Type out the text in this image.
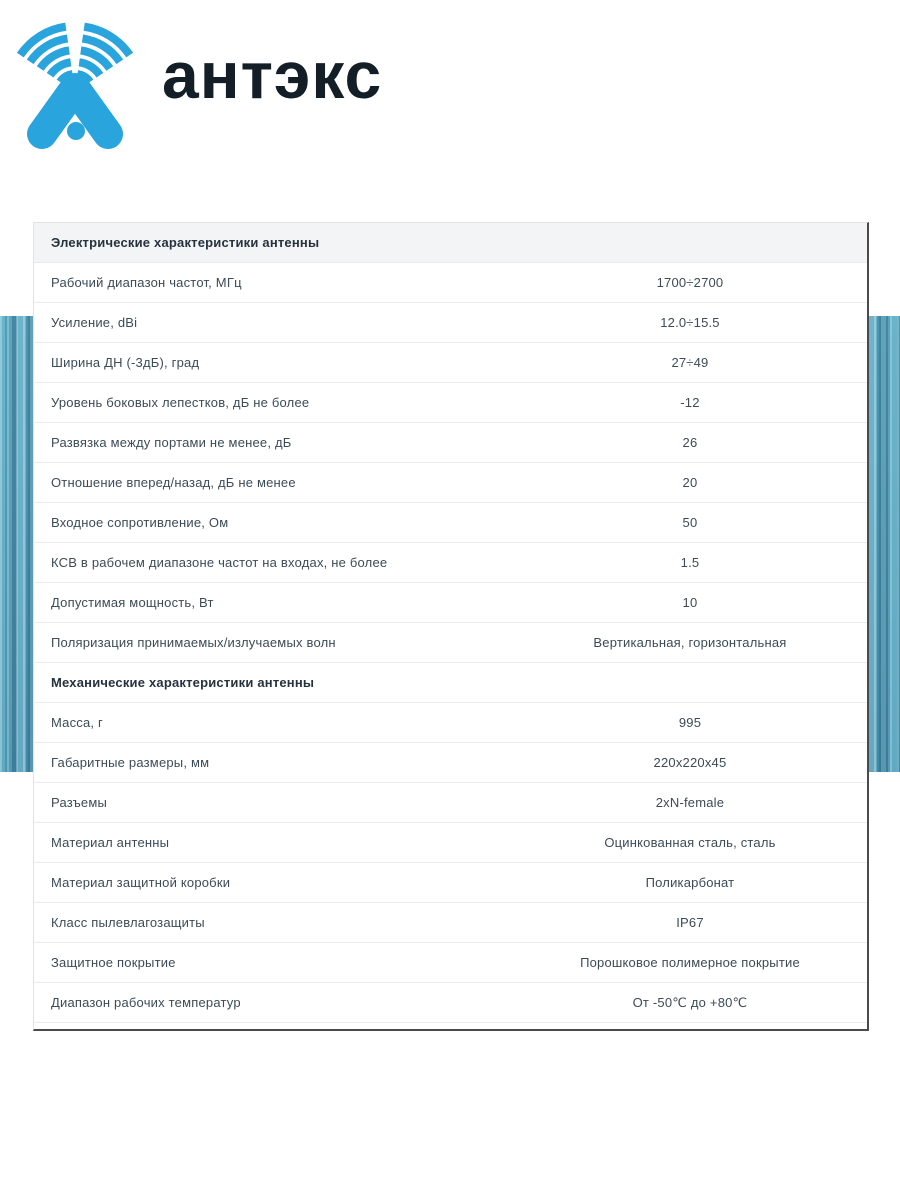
антэкс
Электрические характеристики антенны
Рабочий диапазон частот, МГц	1700÷2700
Усиление, dBi	12.0÷15.5
Ширина ДН (-3дБ), град	27÷49
Уровень боковых лепестков, дБ не более	-12
Развязка между портами не менее, дБ	26
Отношение вперед/назад, дБ не менее	20
Входное сопротивление, Ом	50
КСВ в рабочем диапазоне частот на входах, не более	1.5
Допустимая мощность, Вт	10
Поляризация принимаемых/излучаемых волн	Вертикальная, горизонтальная
Механические характеристики антенны
Масса, г	995
Габаритные размеры, мм	220x220x45
Разъемы	2xN-female
Материал антенны	Оцинкованная сталь, сталь
Материал защитной коробки	Поликарбонат
Класс пылевлагозащиты	IP67
Защитное покрытие	Порошковое полимерное покрытие
Диапазон рабочих температур	От -50℃ до +80℃
